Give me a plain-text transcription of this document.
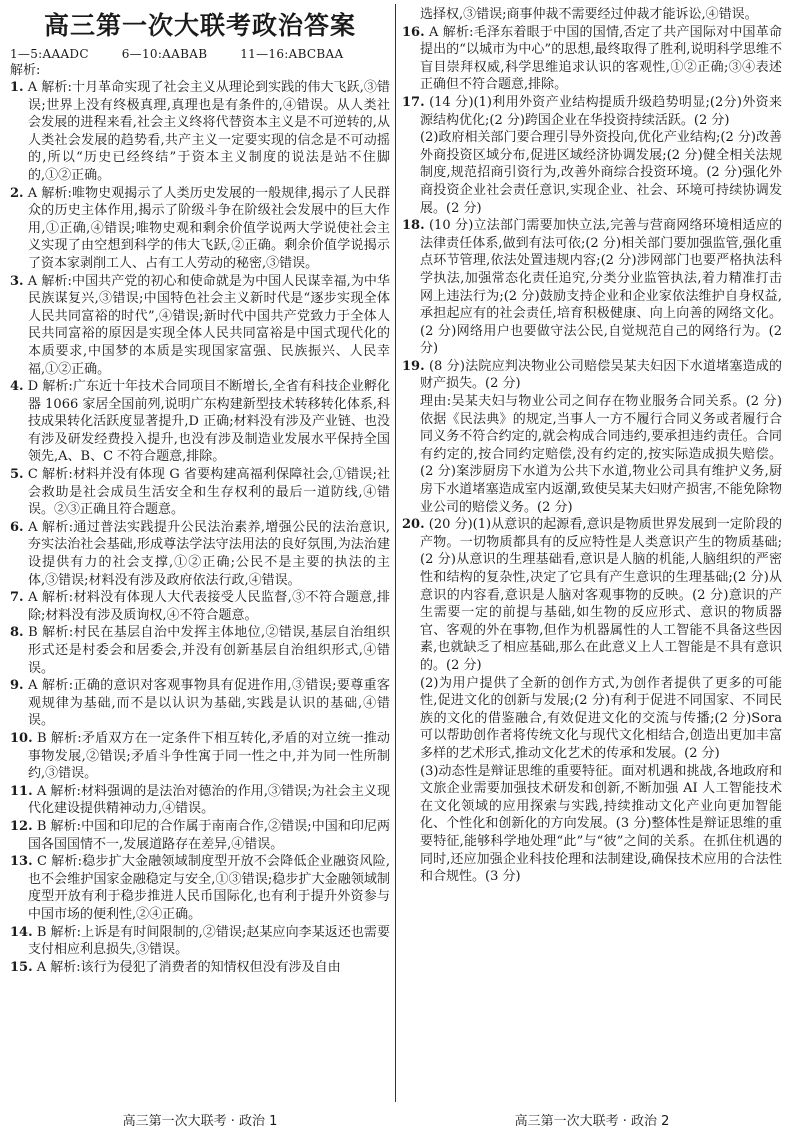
高三第一次大联考政治答案
1—5:AAADC        6—10:AABAB        11—16:ABCBAA
解析:

1. A 解析:十月革命实现了社会主义从理论到实践的伟大飞跃,③错误;世界上没有终极真理,真理也是有条件的,④错误。从人类社会发展的进程来看,社会主义终将代替资本主义是不可逆转的,从人类社会发展的趋势看,共产主义一定要实现的信念是不可动摇的,所以“历史已经终结”于资本主义制度的说法是站不住脚的,①②正确。

2. A 解析:唯物史观揭示了人类历史发展的一般规律,揭示了人民群众的历史主体作用,揭示了阶级斗争在阶级社会发展中的巨大作用,①正确,④错误;唯物史观和剩余价值学说两大学说使社会主义实现了由空想到科学的伟大飞跃,②正确。剩余价值学说揭示了资本家剥削工人、占有工人劳动的秘密,③错误。

3. A 解析:中国共产党的初心和使命就是为中国人民谋幸福,为中华民族谋复兴,③错误;中国特色社会主义新时代是“逐步实现全体人民共同富裕的时代”,④错误;新时代中国共产党致力于全体人民共同富裕的原因是实现全体人民共同富裕是中国式现代化的本质要求,中国梦的本质是实现国家富强、民族振兴、人民幸福,①②正确。

4. D 解析:广东近十年技术合同项目不断增长,全省有科技企业孵化器 1066 家居全国前列,说明广东构建新型技术转移转化体系,科技成果转化活跃度显著提升,D 正确;材料没有涉及产业链、也没有涉及研发经费投入提升,也没有涉及制造业发展水平保持全国领先,A、B、C 不符合题意,排除。

5. C 解析:材料并没有体现 G 省要构建高福利保障社会,①错误;社会救助是社会成员生活安全和生存权利的最后一道防线,④错误。②③正确且符合题意。

6. A 解析:通过普法实践提升公民法治素养,增强公民的法治意识,夯实法治社会基础,形成尊法学法守法用法的良好氛围,为法治建设提供有力的社会支撑,①②正确;公民不是主要的执法的主体,③错误;材料没有涉及政府依法行政,④错误。

7. A 解析:材料没有体现人大代表接受人民监督,③不符合题意,排除;材料没有涉及质询权,④不符合题意。

8. B 解析:村民在基层自治中发挥主体地位,②错误,基层自治组织形式还是村委会和居委会,并没有创新基层自治组织形式,④错误。

9. A 解析:正确的意识对客观事物具有促进作用,③错误;要尊重客观规律为基础,而不是以认识为基础,实践是认识的基础,④错误。

10. B 解析:矛盾双方在一定条件下相互转化,矛盾的对立统一推动事物发展,②错误;矛盾斗争性寓于同一性之中,并为同一性所制约,③错误。

11. A 解析:材料强调的是法治对德治的作用,③错误;为社会主义现代化建设提供精神动力,④错误。

12. B 解析:中国和印尼的合作属于南南合作,②错误;中国和印尼两国各国国情不一,发展道路存在差异,④错误。

13. C 解析:稳步扩大金融领域制度型开放不会降低企业融资风险,也不会维护国家金融稳定与安全,①③错误;稳步扩大金融领域制度型开放有利于稳步推进人民币国际化,也有利于提升外资参与中国市场的便利性,②④正确。

14. B 解析:上诉是有时间限制的,②错误;赵某应向李某返还也需要支付相应利息损失,③错误。

15. A 解析:该行为侵犯了消费者的知情权但没有涉及自由

选择权,③错误;商事仲裁不需要经过仲裁才能诉讼,④错误。

16. A 解析:毛泽东着眼于中国的国情,否定了共产国际对中国革命提出的“以城市为中心”的思想,最终取得了胜利,说明科学思维不盲目崇拜权威,科学思维追求认识的客观性,①②正确;③④表述正确但不符合题意,排除。

17. (14 分)(1)利用外资产业结构提质升级趋势明显;(2分)外资来源结构优化;(2 分)跨国企业在华投资持续活跃。(2 分)

(2)政府相关部门要合理引导外资投向,优化产业结构;(2 分)改善外商投资区域分布,促进区域经济协调发展;(2 分)健全相关法规制度,规范招商引资行为,改善外商综合投资环境。(2 分)强化外商投资企业社会责任意识,实现企业、社会、环境可持续协调发展。(2 分)

18. (10 分)立法部门需要加快立法,完善与营商网络环境相适应的法律责任体系,做到有法可依;(2 分)相关部门要加强监管,强化重点环节管理,依法处置违规内容;(2 分)涉网部门也要严格执法科学执法,加强常态化责任追究,分类分业监管执法,着力精准打击网上违法行为;(2 分)鼓励支持企业和企业家依法维护自身权益,承担起应有的社会责任,培育积极健康、向上向善的网络文化。(2 分)网络用户也要做守法公民,自觉规范自己的网络行为。(2 分)

19. (8 分)法院应判决物业公司赔偿吴某夫妇因下水道堵塞造成的财产损失。(2 分)

理由:吴某夫妇与物业公司之间存在物业服务合同关系。(2 分)依据《民法典》的规定,当事人一方不履行合同义务或者履行合同义务不符合约定的,就会构成合同违约,要承担违约责任。合同有约定的,按合同约定赔偿,没有约定的,按实际造成损失赔偿。(2 分)案涉厨房下水道为公共下水道,物业公司具有维护义务,厨房下水道堵塞造成室内返潮,致使吴某夫妇财产损害,不能免除物业公司的赔偿义务。(2 分)

20. (20 分)(1)从意识的起源看,意识是物质世界发展到一定阶段的产物。一切物质都具有的反应特性是人类意识产生的物质基础;(2 分)从意识的生理基础看,意识是人脑的机能,人脑组织的严密性和结构的复杂性,决定了它具有产生意识的生理基础;(2 分)从意识的内容看,意识是人脑对客观事物的反映。(2 分)意识的产生需要一定的前提与基础,如生物的反应形式、意识的物质器官、客观的外在事物,但作为机器属性的人工智能不具备这些因素,也就缺乏了相应基础,那么在此意义上人工智能是不具有意识的。(2 分)

(2)为用户提供了全新的创作方式,为创作者提供了更多的可能性,促进文化的创新与发展;(2 分)有利于促进不同国家、不同民族的文化的借鉴融合,有效促进文化的交流与传播;(2 分)Sora 可以帮助创作者将传统文化与现代文化相结合,创造出更加丰富多样的艺术形式,推动文化艺术的传承和发展。(2 分)

(3)动态性是辩证思维的重要特征。面对机遇和挑战,各地政府和文旅企业需要加强技术研发和创新,不断加强 AI 人工智能技术在文化领域的应用探索与实践,持续推动文化产业向更加智能化、个性化和创新化的方向发展。(3 分)整体性是辩证思维的重要特征,能够科学地处理“此”与“彼”之间的关系。在抓住机遇的同时,还应加强企业科技伦理和法制建设,确保技术应用的合法性和合规性。(3 分)

高三第一次大联考 · 政治 1	高三第一次大联考 · 政治 2
